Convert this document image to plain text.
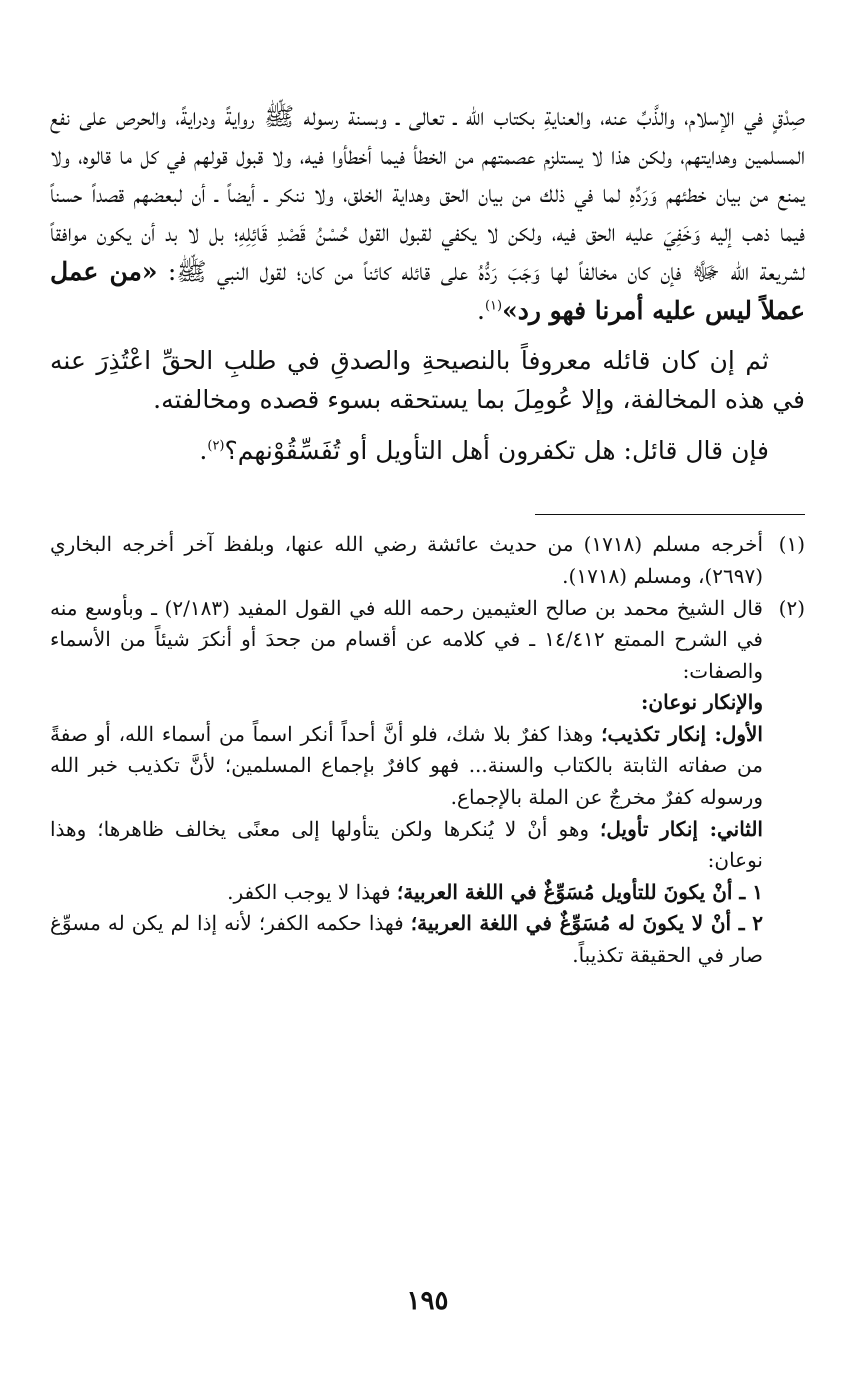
صِدْقٍ في الإسلام، والذَّبِّ عنه، والعنايةِ بكتاب الله ـ تعالى ـ وبسنة رسوله ﷺ روايةً ودرايةً، والحرص على نفع المسلمين وهدايتهم، ولكن هذا لا يستلزم عصمتهم من الخطأ فيما أخطأوا فيه، ولا قبول قولهم في كل ما قالوه، ولا يمنع من بيان خطئهم وَرَدِّهِ لما في ذلك من بيان الحق وهداية الخلق، ولا ننكر ـ أيضاً ـ أن لبعضهم قصداً حسناً فيما ذهب إليه وَخَفِيَ عليه الحق فيه، ولكن لا يكفي لقبول القول حُسْنُ قَصْدِ قَائِلِهِ؛ بل لا بد أن يكون موافقاً لشريعة الله ﷻ فإن كان مخالفاً لها وَجَبَ رَدُّهُ على قائله كائناً من كان؛ لقول النبي ﷺ: «من عمل عملاً ليس عليه أمرنا فهو رد»$^{(١)}$.

ثم إن كان قائله معروفاً بالنصيحةِ والصدقِ في طلبِ الحقِّ اعْتُذِرَ عنه في هذه المخالفة، وإلا عُومِلَ بما يستحقه بسوء قصده ومخالفته.

فإن قال قائل: هل تكفرون أهل التأويل أو تُفَسِّقُوْنهم؟$^{(٢)}$.

(١)
أخرجه مسلم (١٧١٨) من حديث عائشة رضي الله عنها، وبلفظ آخر أخرجه البخاري (٢٦٩٧)، ومسلم (١٧١٨).
(٢)
قال الشيخ محمد بن صالح العثيمين رحمه الله في القول المفيد (٢/١٨٣) ـ وبأوسع منه في الشرح الممتع ١٤/٤١٢ ـ في كلامه عن أقسام من جحدَ أو أنكرَ شيئاً من الأسماء والصفات:

والإنكار نوعان:

الأول: إنكار تكذيب؛ وهذا كفرٌ بلا شك، فلو أنَّ أحداً أنكر اسماً من أسماء الله، أو صفةً من صفاته الثابتة بالكتاب والسنة... فهو كافرٌ بإجماع المسلمين؛ لأنَّ تكذيب خبر الله ورسوله كفرٌ مخرجٌ عن الملة بالإجماع.

الثاني: إنكار تأويل؛ وهو أنْ لا يُنكرها ولكن يتأولها إلى معنًى يخالف ظاهرها؛ وهذا نوعان:

١ ـ أنْ يكونَ للتأويل مُسَوِّغٌ في اللغة العربية؛ فهذا لا يوجب الكفر.

٢ ـ أنْ لا يكونَ له مُسَوِّغٌ في اللغة العربية؛ فهذا حكمه الكفر؛ لأنه إذا لم يكن له مسوِّغ صار في الحقيقة تكذيباً.

١٩٥
